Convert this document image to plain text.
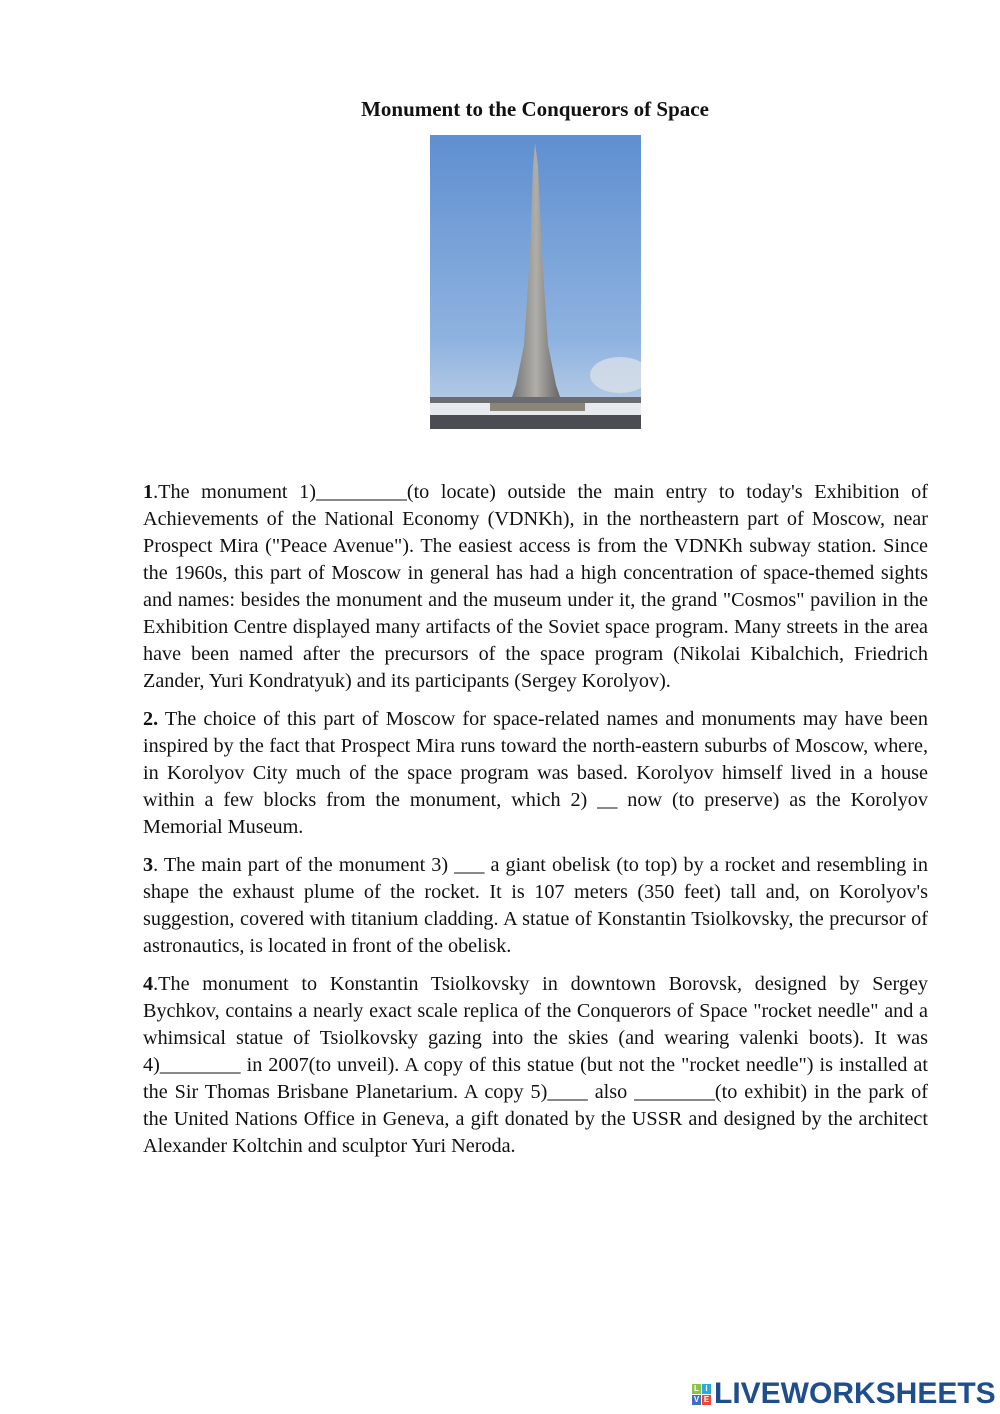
Monument to the Conquerors of Space

1.The monument 1)_________(to locate) outside the main entry to today's Exhibition of Achievements of the National Economy (VDNKh), in the northeastern part of Moscow, near Prospect Mira ("Peace Avenue"). The easiest access is from the VDNKh subway station. Since the 1960s, this part of Moscow in general has had a high concentration of space-themed sights and names: besides the monument and the museum under it, the grand "Cosmos" pavilion in the Exhibition Centre displayed many artifacts of the Soviet space program. Many streets in the area have been named after the precursors of the space program (Nikolai Kibalchich, Friedrich Zander, Yuri Kondratyuk) and its participants (Sergey Korolyov).

2. The choice of this part of Moscow for space-related names and monuments may have been inspired by the fact that Prospect Mira runs toward the north-eastern suburbs of Moscow, where, in Korolyov City much of the space program was based. Korolyov himself lived in a house within a few blocks from the monument, which 2) __ now (to preserve) as the Korolyov Memorial Museum.

3. The main part of the monument 3) ___ a giant obelisk (to top) by a rocket and resembling in shape the exhaust plume of the rocket. It is 107 meters (350 feet) tall and, on Korolyov's suggestion, covered with titanium cladding. A statue of Konstantin Tsiolkovsky, the precursor of astronautics, is located in front of the obelisk.

4.The monument to Konstantin Tsiolkovsky in downtown Borovsk, designed by Sergey Bychkov, contains a nearly exact scale replica of the Conquerors of Space "rocket needle" and a whimsical statue of Tsiolkovsky gazing into the skies (and wearing valenki boots). It was 4)________ in 2007(to unveil). A copy of this statue (but not the "rocket needle") is installed at the Sir Thomas Brisbane Planetarium. A copy 5)____ also ________(to exhibit) in the park of the United Nations Office in Geneva, a gift donated by the USSR and designed by the architect Alexander Koltchin and sculptor Yuri Neroda.

L I
V E LIVEWORKSHEETS
